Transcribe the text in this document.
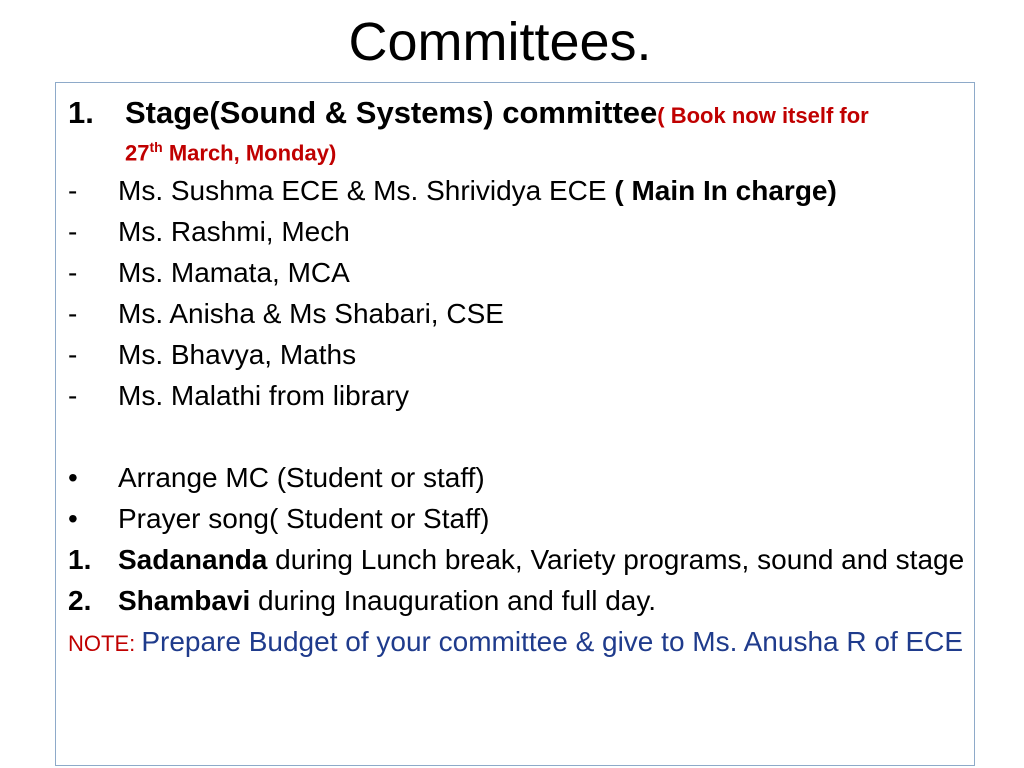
Committees.
1.	Stage(Sound & Systems) committee( Book now itself for
27th March, Monday)
-	Ms. Sushma ECE & Ms. Shrividya ECE ( Main In charge)
-	Ms. Rashmi, Mech
-	Ms. Mamata, MCA
-	Ms. Anisha & Ms Shabari, CSE
-	Ms. Bhavya, Maths
-	Ms. Malathi from library
•	Arrange MC (Student or staff)
•	Prayer song( Student or Staff)
1. Sadananda during Lunch break, Variety programs, sound and stage
2. Shambavi during Inauguration and full day.
NOTE: Prepare Budget of your committee & give to Ms. Anusha R of ECE
